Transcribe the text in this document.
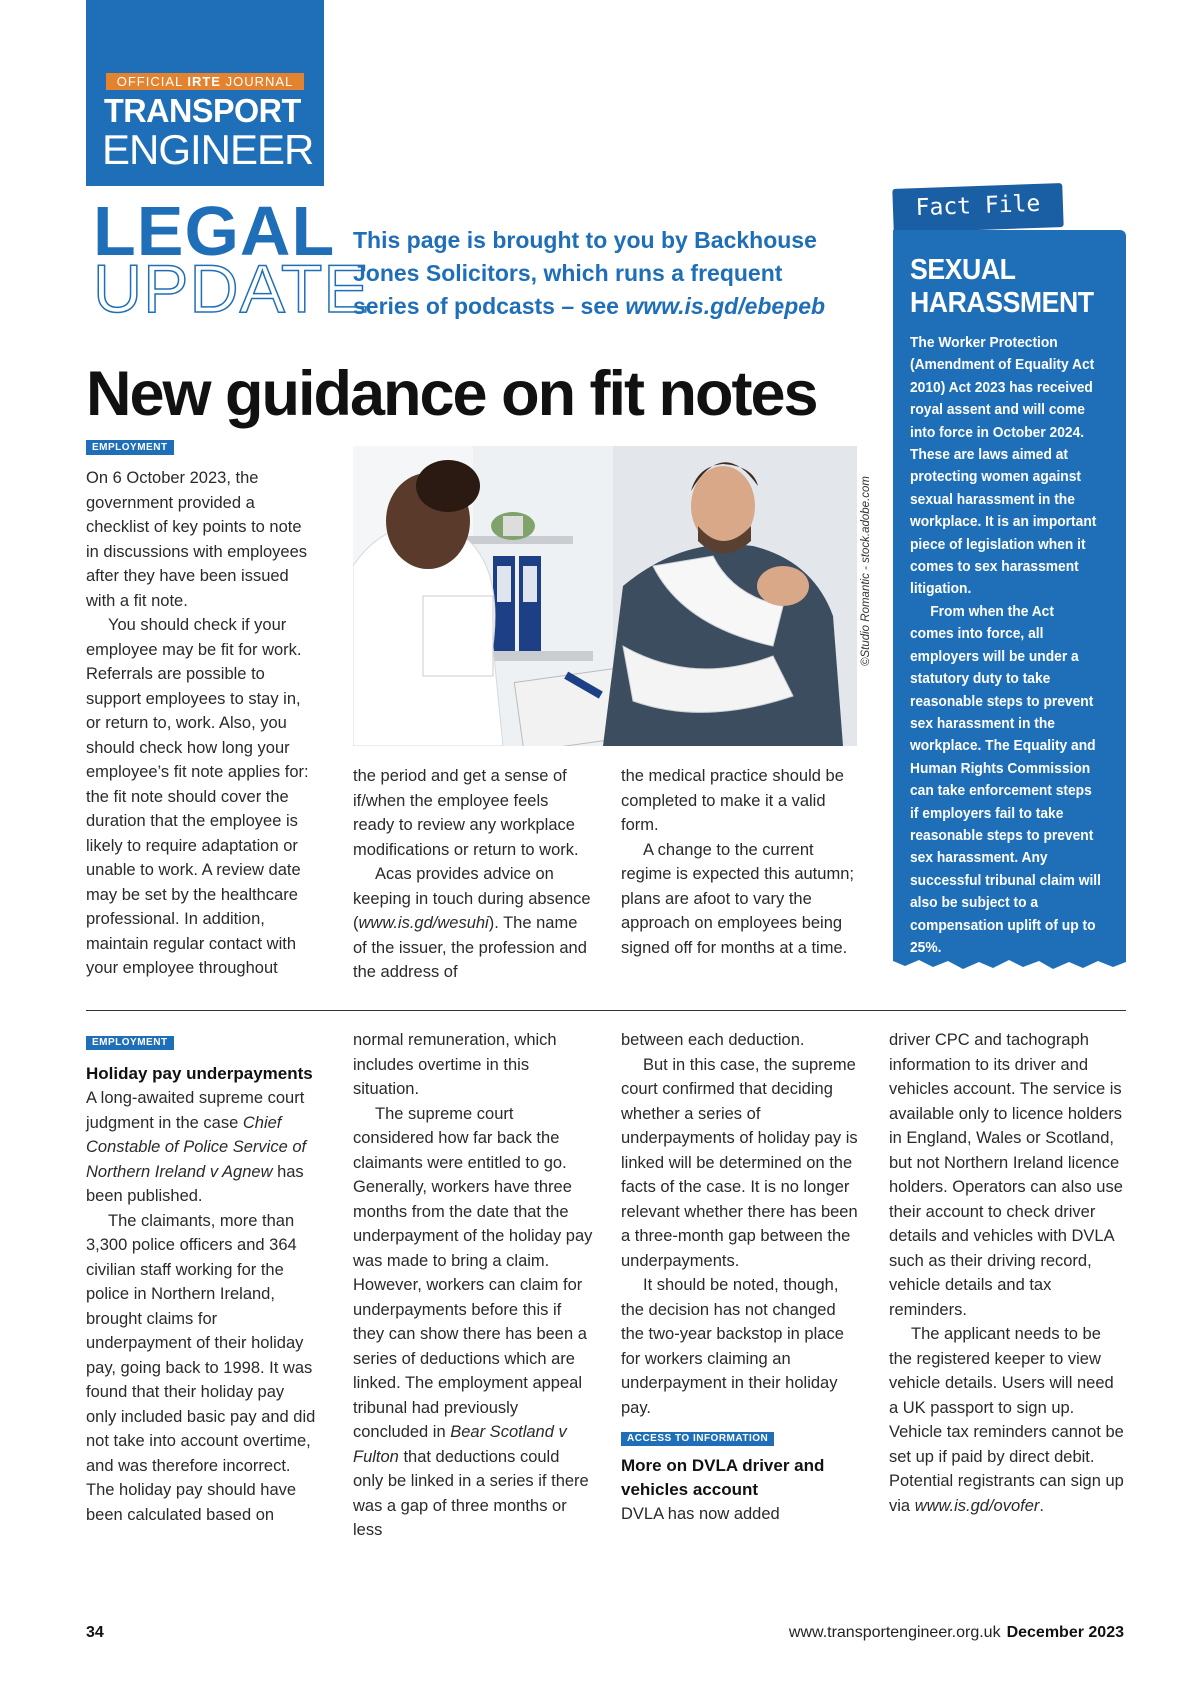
OFFICIAL IRTE JOURNAL
TRANSPORT
ENGINEER
LEGAL
UPDATE
This page is brought to you by Backhouse Jones Solicitors, which runs a frequent series of podcasts – see www.is.gd/ebepeb
New guidance on fit notes
EMPLOYMENT

On 6 October 2023, the government provided a checklist of key points to note in discussions with employees after they have been issued with a fit note.

You should check if your employee may be fit for work. Referrals are possible to support employees to stay in, or return to, work. Also, you should check how long your employee’s fit note applies for: the fit note should cover the duration that the employee is likely to require adaptation or unable to work. A review date may be set by the healthcare professional. In addition, maintain regular contact with your employee throughout

©Studio Romantic - stock.adobe.com

the period and get a sense of if/when the employee feels ready to review any workplace modifications or return to work.

Acas provides advice on keeping in touch during absence (www.is.gd/wesuhi). The name of the issuer, the profession and the address of

the medical practice should be completed to make it a valid form.

A change to the current regime is expected this autumn; plans are afoot to vary the approach on employees being signed off for months at a time.

Fact File
SEXUAL
HARASSMENT

The Worker Protection (Amendment of Equality Act 2010) Act 2023 has received royal assent and will come into force in October 2024. These are laws aimed at protecting women against sexual harassment in the workplace. It is an important piece of legislation when it comes to sex harassment litigation.

From when the Act comes into force, all employers will be under a statutory duty to take reasonable steps to prevent sex harassment in the workplace. The Equality and Human Rights Commission can take enforcement steps if employers fail to take reasonable steps to prevent sex harassment. Any successful tribunal claim will also be subject to a compensation uplift of up to 25%.

EMPLOYMENT
Holiday pay underpayments

A long-awaited supreme court judgment in the case Chief Constable of Police Service of Northern Ireland v Agnew has been published.

The claimants, more than 3,300 police officers and 364 civilian staff working for the police in Northern Ireland, brought claims for underpayment of their holiday pay, going back to 1998. It was found that their holiday pay only included basic pay and did not take into account overtime, and was therefore incorrect. The holiday pay should have been calculated based on

normal remuneration, which includes overtime in this situation.

The supreme court considered how far back the claimants were entitled to go. Generally, workers have three months from the date that the underpayment of the holiday pay was made to bring a claim. However, workers can claim for underpayments before this if they can show there has been a series of deductions which are linked. The employment appeal tribunal had previously concluded in Bear Scotland v Fulton that deductions could only be linked in a series if there was a gap of three months or less

between each deduction.

But in this case, the supreme court confirmed that deciding whether a series of underpayments of holiday pay is linked will be determined on the facts of the case. It is no longer relevant whether there has been a three-month gap between the underpayments.

It should be noted, though, the decision has not changed the two-year backstop in place for workers claiming an underpayment in their holiday pay.

ACCESS TO INFORMATION
More on DVLA driver and vehicles account

DVLA has now added

driver CPC and tachograph information to its driver and vehicles account. The service is available only to licence holders in England, Wales or Scotland, but not Northern Ireland licence holders. Operators can also use their account to check driver details and vehicles with DVLA such as their driving record, vehicle details and tax reminders.

The applicant needs to be the registered keeper to view vehicle details. Users will need a UK passport to sign up. Vehicle tax reminders cannot be set up if paid by direct debit. Potential registrants can sign up via www.is.gd/ovofer.

34	www.transportengineer.org.uk December 2023
